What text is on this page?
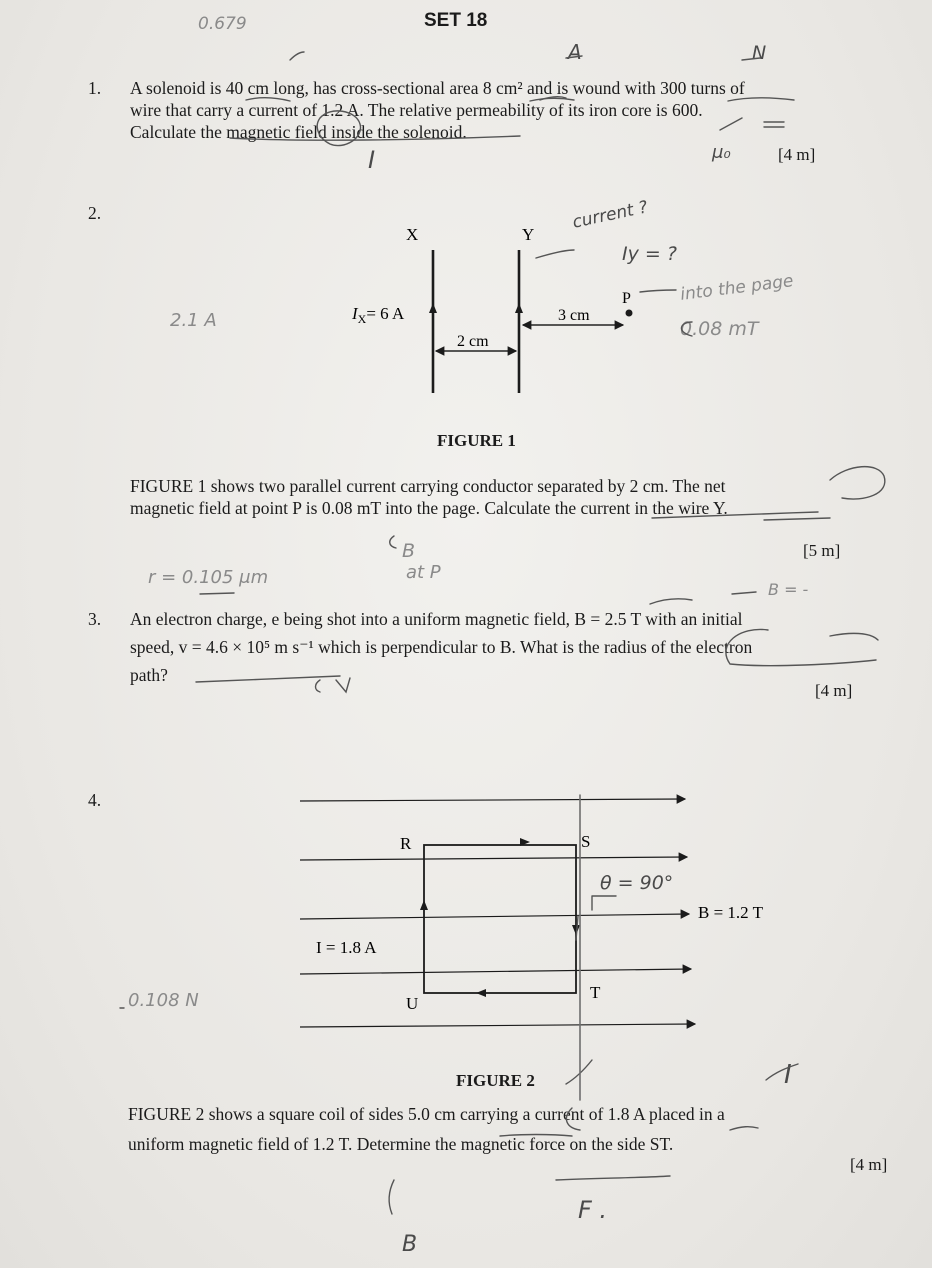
SET 18
0.679
A	N
I	μ₀
1. A solenoid is 40 cm long, has cross-sectional area 8 cm² and is wound with 300 turns of
wire that carry a current of 1.2 A. The relative permeability of its iron core is 600.
Calculate the magnetic field inside the solenoid.
[4 m]
2.
X	Y
$I_X= 6$ A
2 cm
3 cm
P
current ?
Iy = ?
into the page
0.08 mT
2.1 A
FIGURE 1
FIGURE 1 shows two parallel current carrying conductor separated by 2 cm. The net
magnetic field at point P is 0.08 mT into the page. Calculate the current in the wire Y.
B
at P
r = 0.105 μm
[5 m]
B = -
3. An electron charge, e being shot into a uniform magnetic field, B = 2.5 T with an initial
speed, v = 4.6 × 10⁵ m s⁻¹ which is perpendicular to B. What is the radius of the electron
path?
[4 m]
4.
R	S
T
U
I = 1.8 A
B = 1.2 T
θ = 90°
0.108 N
FIGURE 2	I
FIGURE 2 shows a square coil of sides 5.0 cm carrying a current of 1.8 A placed in a
uniform magnetic field of 1.2 T. Determine the magnetic force on the side ST.
[4 m]
F .
B
